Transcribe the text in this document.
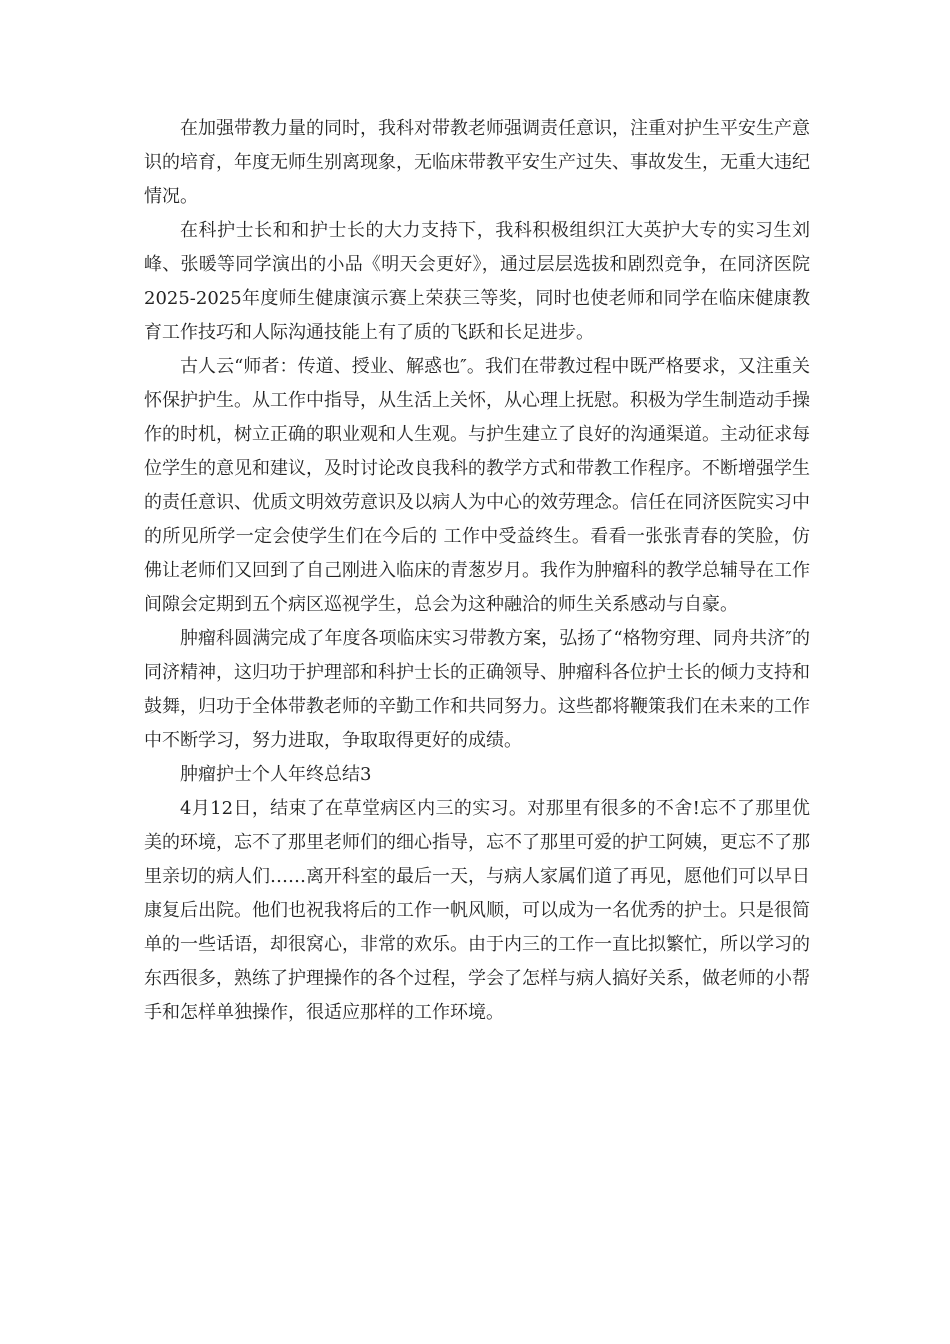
在加强带教力量的同时，我科对带教老师强调责任意识，注重对护生平安生产意识的培育，年度无师生别离现象，无临床带教平安生产过失、事故发生，无重大违纪情况。

在科护士长和和护士长的大力支持下，我科积极组织江大英护大专的实习生刘峰、张暖等同学演出的小品《明天会更好》，通过层层选拔和剧烈竞争，在同济医院2025-2025年度师生健康演示赛上荣获三等奖，同时也使老师和同学在临床健康教育工作技巧和人际沟通技能上有了质的飞跃和长足进步。

古人云“师者：传道、授业、解惑也″。我们在带教过程中既严格要求，又注重关怀保护护生。从工作中指导，从生活上关怀，从心理上抚慰。积极为学生制造动手操作的时机，树立正确的职业观和人生观。与护生建立了良好的沟通渠道。主动征求每位学生的意见和建议，及时讨论改良我科的教学方式和带教工作程序。不断增强学生的责任意识、优质文明效劳意识及以病人为中心的效劳理念。信任在同济医院实习中的所见所学一定会使学生们在今后的 工作中受益终生。看看一张张青春的笑脸，仿佛让老师们又回到了自己刚进入临床的青葱岁月。我作为肿瘤科的教学总辅导在工作间隙会定期到五个病区巡视学生，总会为这种融洽的师生关系感动与自豪。

肿瘤科圆满完成了年度各项临床实习带教方案，弘扬了“格物穷理、同舟共济″的同济精神，这归功于护理部和科护士长的正确领导、肿瘤科各位护士长的倾力支持和鼓舞，归功于全体带教老师的辛勤工作和共同努力。这些都将鞭策我们在未来的工作中不断学习，努力进取，争取取得更好的成绩。

肿瘤护士个人年终总结3

4月12日，结束了在草堂病区内三的实习。对那里有很多的不舍!忘不了那里优美的环境，忘不了那里老师们的细心指导，忘不了那里可爱的护工阿姨，更忘不了那里亲切的病人们……离开科室的最后一天，与病人家属们道了再见，愿他们可以早日康复后出院。他们也祝我将后的工作一帆风顺，可以成为一名优秀的护士。只是很简单的一些话语，却很窝心，非常的欢乐。由于内三的工作一直比拟繁忙，所以学习的东西很多，熟练了护理操作的各个过程，学会了怎样与病人搞好关系，做老师的小帮手和怎样单独操作，很适应那样的工作环境。
